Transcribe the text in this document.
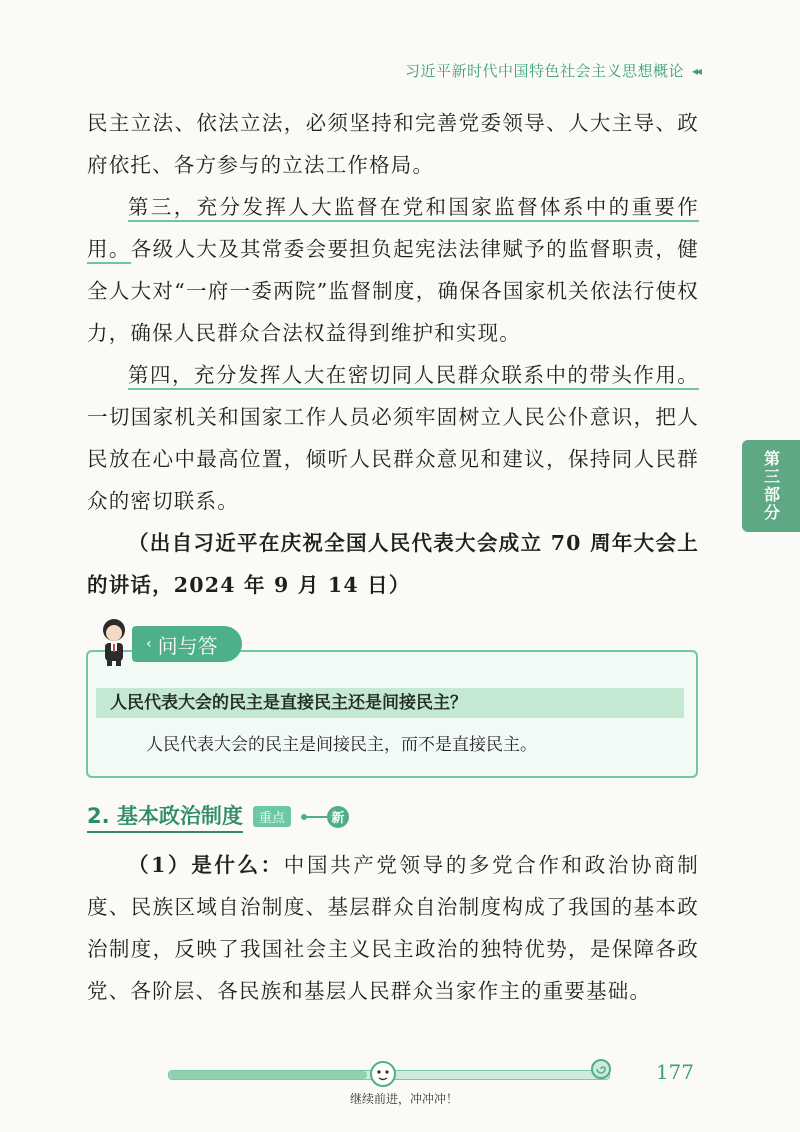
习近平新时代中国特色社会主义思想概论 ◂◂

民主立法、依法立法，必须坚持和完善党委领导、人大主导、政府依托、各方参与的立法工作格局。

第三，充分发挥人大监督在党和国家监督体系中的重要作用。各级人大及其常委会要担负起宪法法律赋予的监督职责，健全人大对“一府一委两院”监督制度，确保各国家机关依法行使权力，确保人民群众合法权益得到维护和实现。

第四，充分发挥人大在密切同人民群众联系中的带头作用。一切国家机关和国家工作人员必须牢固树立人民公仆意识，把人民放在心中最高位置，倾听人民群众意见和建议，保持同人民群众的密切联系。

（出自习近平在庆祝全国人民代表大会成立 70 周年大会上的讲话，2024 年 9 月 14 日）

第三部分
‹ 问与答
人民代表大会的民主是直接民主还是间接民主？
人民代表大会的民主是间接民主，而不是直接民主。
2. 基本政治制度	重点	新

（1）是什么：中国共产党领导的多党合作和政治协商制度、民族区域自治制度、基层群众自治制度构成了我国的基本政治制度，反映了我国社会主义民主政治的独特优势，是保障各政党、各阶层、各民族和基层人民群众当家作主的重要基础。

继续前进，冲冲冲！
177
